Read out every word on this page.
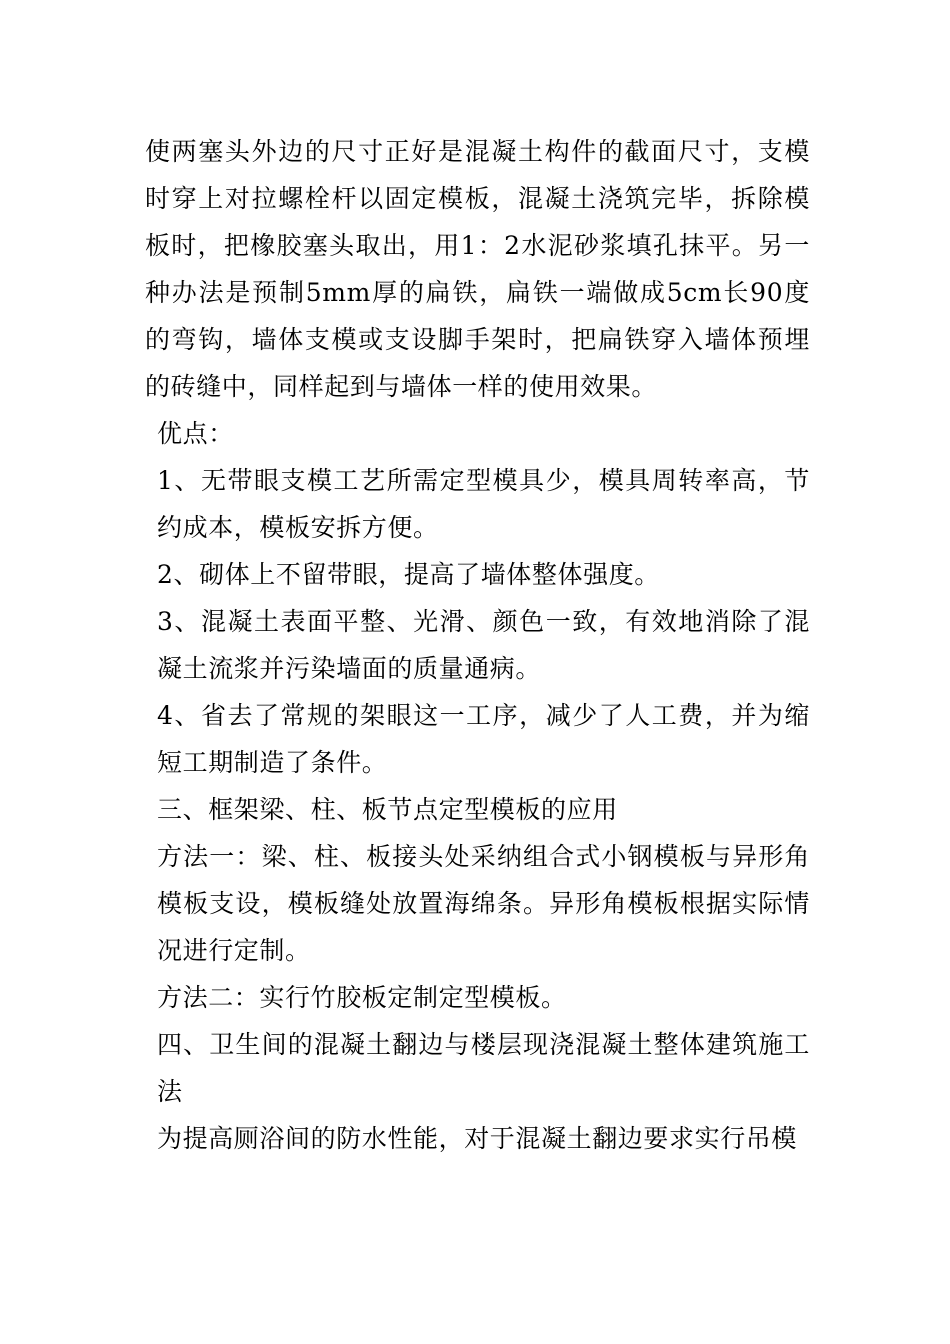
使两塞头外边的尺寸正好是混凝土构件的截面尺寸，支模时穿上对拉螺栓杆以固定模板，混凝土浇筑完毕，拆除模板时，把橡胶塞头取出，用1：2水泥砂浆填孔抹平。另一种办法是预制5mm厚的扁铁，扁铁一端做成5cm长90度的弯钩，墙体支模或支设脚手架时，把扁铁穿入墙体预埋的砖缝中，同样起到与墙体一样的使用效果。

优点：

1、无带眼支模工艺所需定型模具少，模具周转率高，节约成本，模板安拆方便。

2、砌体上不留带眼，提高了墙体整体强度。

3、混凝土表面平整、光滑、颜色一致，有效地消除了混凝土流浆并污染墙面的质量通病。

4、省去了常规的架眼这一工序，减少了人工费，并为缩短工期制造了条件。

三、框架梁、柱、板节点定型模板的应用

方法一：梁、柱、板接头处采纳组合式小钢模板与异形角模板支设，模板缝处放置海绵条。异形角模板根据实际情况进行定制。

方法二：实行竹胶板定制定型模板。

四、卫生间的混凝土翻边与楼层现浇混凝土整体建筑施工法

为提高厕浴间的防水性能，对于混凝土翻边要求实行吊模
